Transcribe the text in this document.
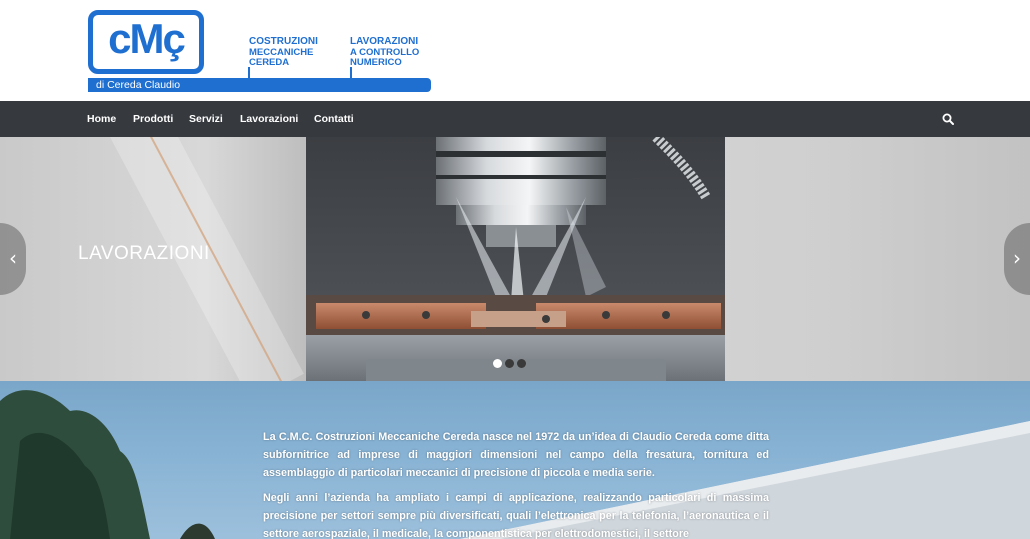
cMç	COSTRUZIONI
MECCANICHE
CEREDA
LAVORAZIONI
A CONTROLLO
NUMERICO
di Cereda Claudio
Home Prodotti Servizi Lavorazioni Contatti
LAVORAZIONI
‹	›

La C.M.C. Costruzioni Meccaniche Cereda nasce nel 1972 da un’idea di Claudio Cereda come ditta subfornitrice ad imprese di maggiori dimensioni nel campo della fresatura, tornitura ed assemblaggio di particolari meccanici di precisione di piccola e media serie.

Negli anni l’azienda ha ampliato i campi di applicazione, realizzando particolari di massima precisione per settori sempre più diversificati, quali l’elettronica per la telefonia, l’aeronautica e il settore aerospaziale, il medicale, la componentistica per elettrodomestici, il settore
